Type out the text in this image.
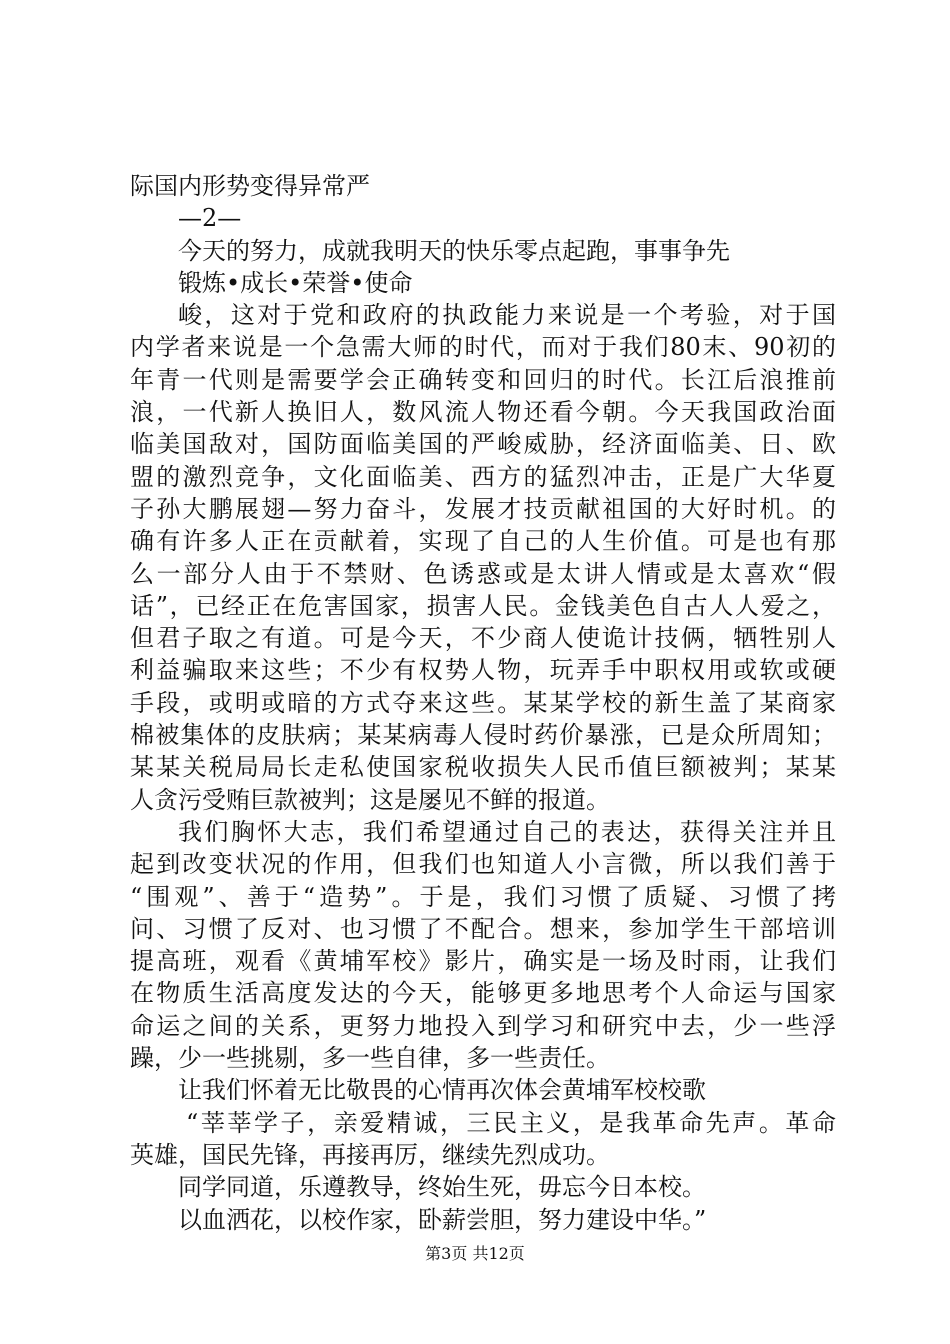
际国内形势变得异常严
—2—
今天的努力，成就我明天的快乐零点起跑，事事争先
锻炼•成长•荣誉•使命
峻，这对于党和政府的执政能力来说是一个考验，对于国
内学者来说是一个急需大师的时代，而对于我们80末、90初的
年青一代则是需要学会正确转变和回归的时代。长江后浪推前
浪，一代新人换旧人，数风流人物还看今朝。今天我国政治面
临美国敌对，国防面临美国的严峻威胁，经济面临美、日、欧
盟的激烈竞争，文化面临美、西方的猛烈冲击，正是广大华夏
子孙大鹏展翅—努力奋斗，发展才技贡献祖国的大好时机。的
确有许多人正在贡献着，实现了自己的人生价值。可是也有那
么一部分人由于不禁财、色诱惑或是太讲人情或是太喜欢“假
话”，已经正在危害国家，损害人民。金钱美色自古人人爱之，
但君子取之有道。可是今天，不少商人使诡计技俩，牺牲别人
利益骗取来这些；不少有权势人物，玩弄手中职权用或软或硬
手段，或明或暗的方式夺来这些。某某学校的新生盖了某商家
棉被集体的皮肤病；某某病毒人侵时药价暴涨，已是众所周知；
某某关税局局长走私使国家税收损失人民币值巨额被判；某某
人贪污受贿巨款被判；这是屡见不鲜的报道。
我们胸怀大志，我们希望通过自己的表达，获得关注并且
起到改变状况的作用，但我们也知道人小言微，所以我们善于
“围观”、善于“造势”。于是，我们习惯了质疑、习惯了拷
问、习惯了反对、也习惯了不配合。想来，参加学生干部培训
提高班，观看《黄埔军校》影片，确实是一场及时雨，让我们
在物质生活高度发达的今天，能够更多地思考个人命运与国家
命运之间的关系，更努力地投入到学习和研究中去，少一些浮
躁，少一些挑剔，多一些自律，多一些责任。
让我们怀着无比敬畏的心情再次体会黄埔军校校歌
“莘莘学子，亲爱精诚，三民主义，是我革命先声。革命
英雄，国民先锋，再接再厉，继续先烈成功。
同学同道，乐遵教导，终始生死，毋忘今日本校。
以血洒花，以校作家，卧薪尝胆，努力建设中华。”
第3页 共12页
